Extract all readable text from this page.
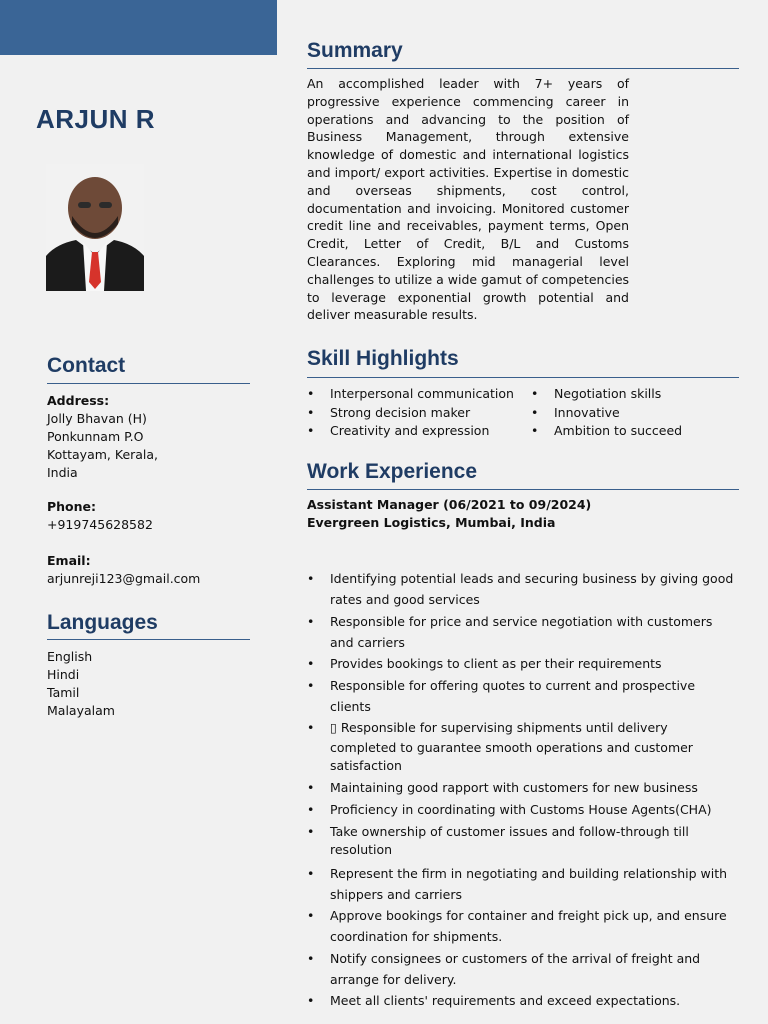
ARJUN R
Contact
Address:
Jolly Bhavan (H)
Ponkunnam P.O
Kottayam, Kerala,
India
Phone:
+919745628582
Email:
arjunreji123@gmail.com
Languages
English
Hindi
Tamil
Malayalam
Summary
An accomplished leader with 7+ years of progressive experience commencing career in operations and advancing to the position of Business Management, through extensive knowledge of domestic and international logistics and import/ export activities. Expertise in domestic and overseas shipments, cost control, documentation and invoicing. Monitored customer credit line and receivables, payment terms, Open Credit, Letter of Credit, B/L and Customs Clearances. Exploring mid managerial level challenges to utilize a wide gamut of competencies to leverage exponential growth potential and deliver measurable results.
Skill Highlights
• Interpersonal communication	• Negotiation skills
• Strong decision maker	• Innovative
• Creativity and expression	• Ambition to succeed
Work Experience
Assistant Manager (06/2021 to 09/2024)
Evergreen Logistics, Mumbai, India
• Identifying potential leads and securing business by giving good rates and good services
• Responsible for price and service negotiation with customers and carriers
• Provides bookings to client as per their requirements
• Responsible for offering quotes to current and prospective clients
• ▯ Responsible for supervising shipments until delivery
completed to guarantee smooth operations and customer satisfaction
• Maintaining good rapport with customers for new business
• Proficiency in coordinating with Customs House Agents(CHA)
• Take ownership of customer issues and follow-through till resolution
• Represent the firm in negotiating and building relationship with shippers and carriers
• Approve bookings for container and freight pick up, and ensure coordination for shipments.
• Notify consignees or customers of the arrival of freight and arrange for delivery.
• Meet all clients' requirements and exceed expectations.
